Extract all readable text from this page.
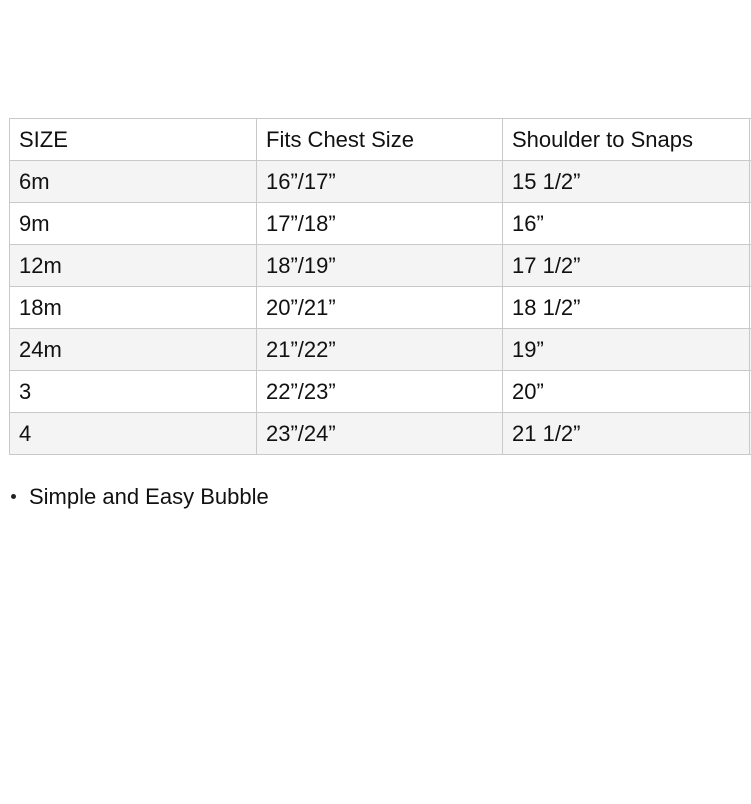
SIZE	Fits Chest Size	Shoulder to Snaps	
6m	16”/17”	15 1/2”	
9m	17”/18”	16”	
12m	18”/19”	17 1/2”	
18m	20”/21”	18 1/2”	
24m	21”/22”	19”	
3	22”/23”	20”	
4	23”/24”	21 1/2”	
Simple and Easy Bubble
